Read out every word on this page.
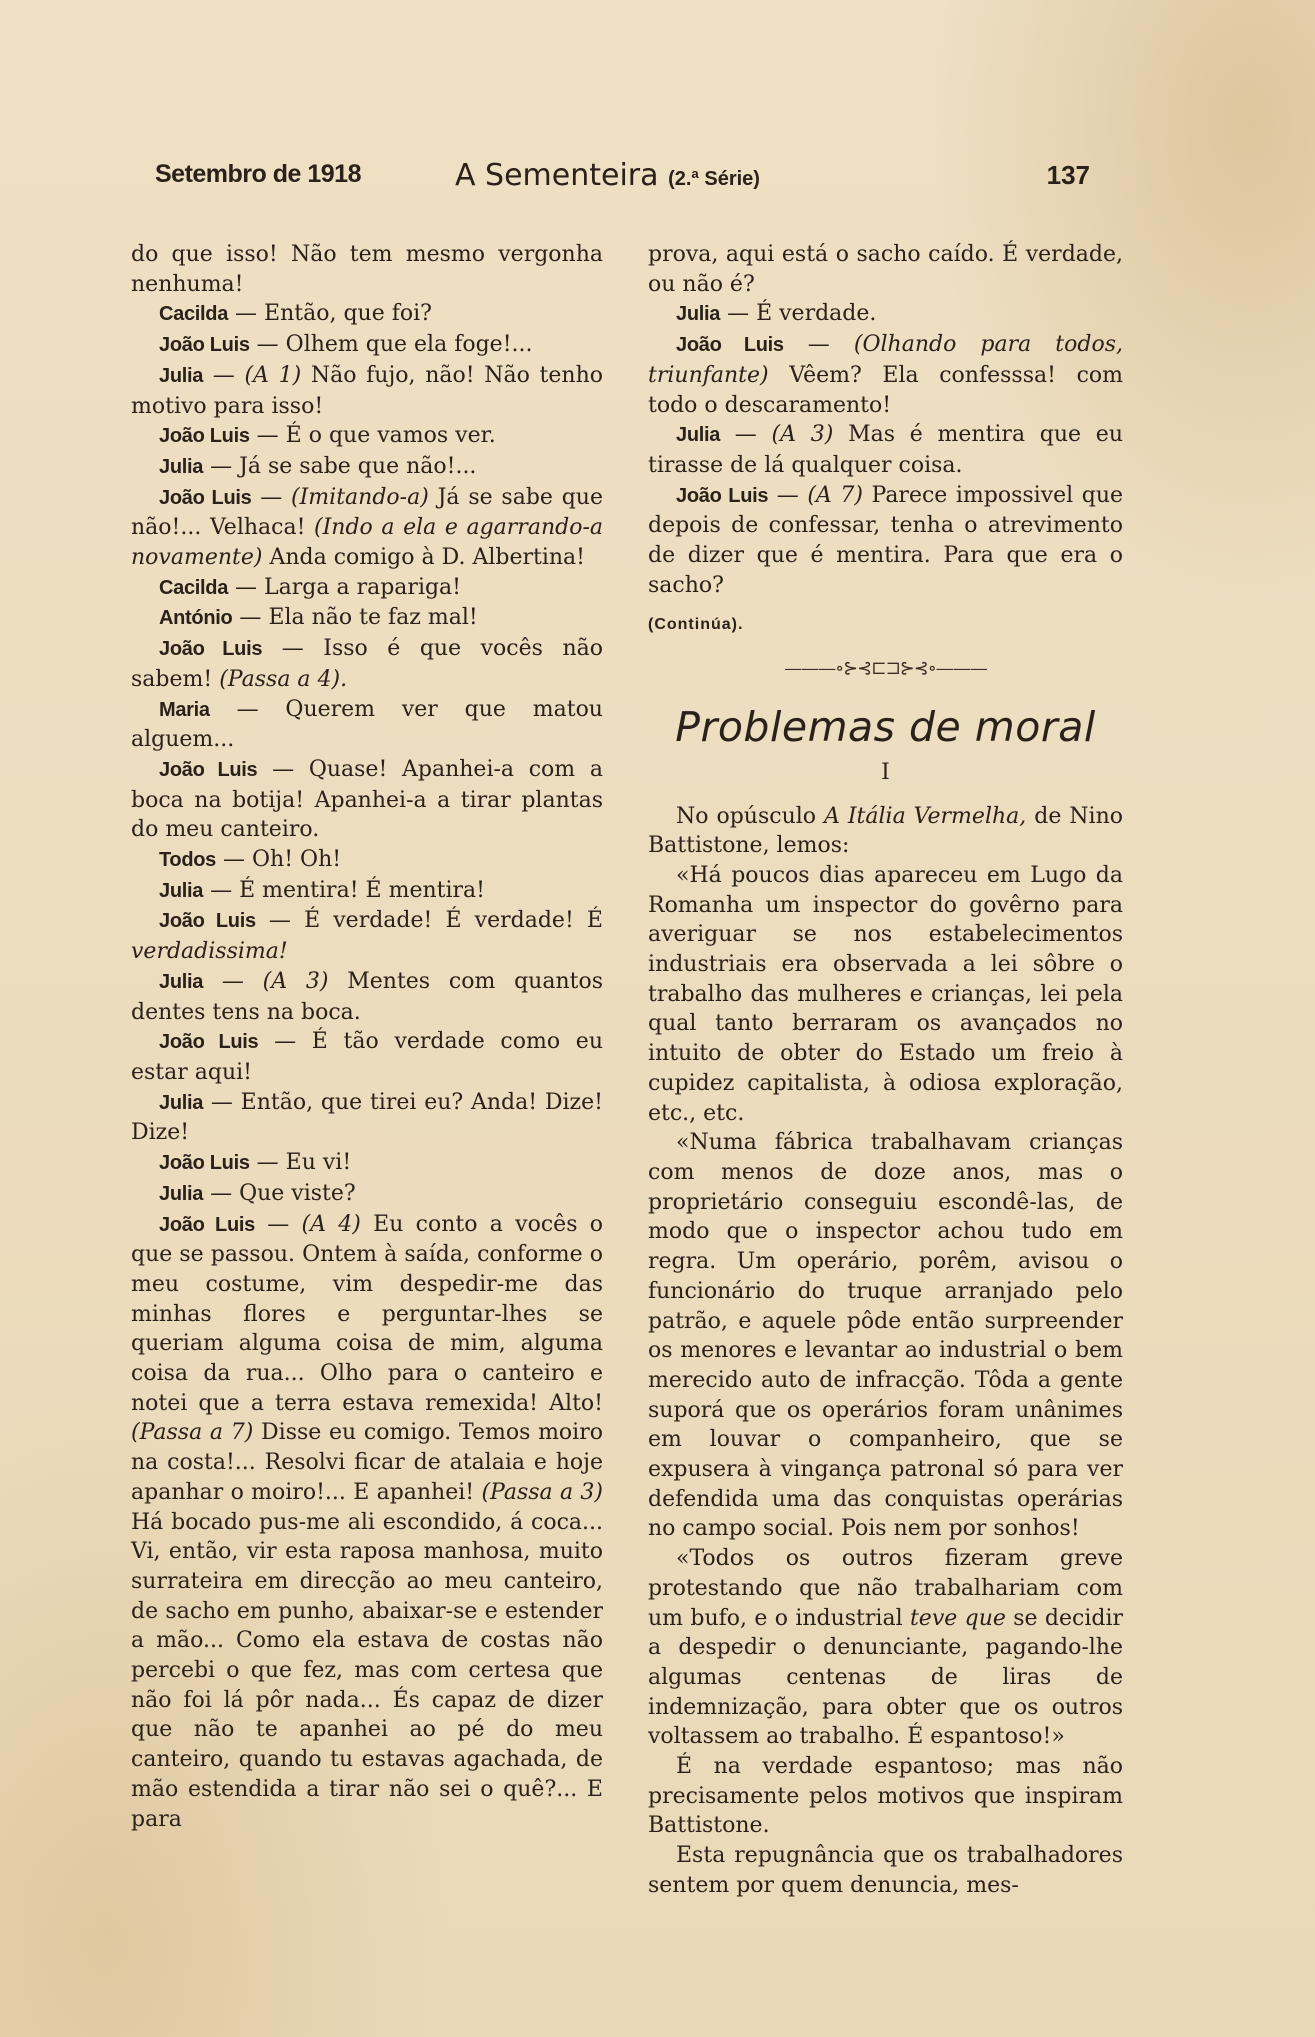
Setembro de 1918	A Sementeira (2.ª Série)	137

do que isso! Não tem mesmo vergonha nenhuma!

Cacilda — Então, que foi?

João Luis — Olhem que ela foge!...

Julia — (A 1) Não fujo, não! Não tenho motivo para isso!

João Luis — É o que vamos ver.

Julia — Já se sabe que não!...

João Luis — (Imitando-a) Já se sabe que não!... Velhaca! (Indo a ela e agarrando-a novamente) Anda comigo à D. Albertina!

Cacilda — Larga a rapariga!

António — Ela não te faz mal!

João Luis — Isso é que vocês não sabem! (Passa a 4).

Maria — Querem ver que matou alguem...

João Luis — Quase! Apanhei-a com a boca na botija! Apanhei-a a tirar plantas do meu canteiro.

Todos — Oh! Oh!

Julia — É mentira! É mentira!

João Luis — É verdade! É verdade! É verdadissima!

Julia — (A 3) Mentes com quantos dentes tens na boca.

João Luis — É tão verdade como eu estar aqui!

Julia — Então, que tirei eu? Anda! Dize! Dize!

João Luis — Eu vi!

Julia — Que viste?

João Luis — (A 4) Eu conto a vocês o que se passou. Ontem à saída, conforme o meu costume, vim despedir-me das minhas flores e perguntar-lhes se queriam alguma coisa de mim, alguma coisa da rua... Olho para o canteiro e notei que a terra estava remexida! Alto! (Passa a 7) Disse eu comigo. Temos moiro na costa!... Resolvi ficar de atalaia e hoje apanhar o moiro!... E apanhei! (Passa a 3) Há bocado pus-me ali escondido, á coca... Vi, então, vir esta raposa manhosa, muito surrateira em direcção ao meu canteiro, de sacho em punho, abaixar-se e estender a mão... Como ela estava de costas não percebi o que fez, mas com certesa que não foi lá pôr nada... És capaz de dizer que não te apanhei ao pé do meu canteiro, quando tu estavas agachada, de mão estendida a tirar não sei o quê?... E para

prova, aqui está o sacho caído. É verdade, ou não é?

Julia — É verdade.

João Luis — (Olhando para todos, triunfante) Vêem? Ela confesssa! com todo o descaramento!

Julia — (A 3) Mas é mentira que eu tirasse de lá qualquer coisa.

João Luis — (A 7) Parece impossivel que depois de confessar, tenha o atrevimento de dizer que é mentira. Para que era o sacho?

(Continúa).
———∘⊱⊰⊏⊐⊱⊰∘———
Problemas de moral
I

No opúsculo A Itália Vermelha, de Nino Battistone, lemos:

«Há poucos dias apareceu em Lugo da Romanha um inspector do govêrno para averiguar se nos estabelecimentos industriais era observada a lei sôbre o trabalho das mulheres e crianças, lei pela qual tanto berraram os avançados no intuito de obter do Estado um freio à cupidez capitalista, à odiosa exploração, etc., etc.

«Numa fábrica trabalhavam crianças com menos de doze anos, mas o proprietário conseguiu escondê-las, de modo que o inspector achou tudo em regra. Um operário, porêm, avisou o funcionário do truque arranjado pelo patrão, e aquele pôde então surpreender os menores e levantar ao industrial o bem merecido auto de infracção. Tôda a gente suporá que os operários foram unânimes em louvar o companheiro, que se expusera à vingança patronal só para ver defendida uma das conquistas operárias no campo social. Pois nem por sonhos!

«Todos os outros fizeram greve protestando que não trabalhariam com um bufo, e o industrial teve que se decidir a despedir o denunciante, pagando-lhe algumas centenas de liras de indemnização, para obter que os outros voltassem ao trabalho. É espantoso!»

É na verdade espantoso; mas não precisamente pelos motivos que inspiram Battistone.

Esta repugnância que os trabalhadores sentem por quem denuncia, mes-
